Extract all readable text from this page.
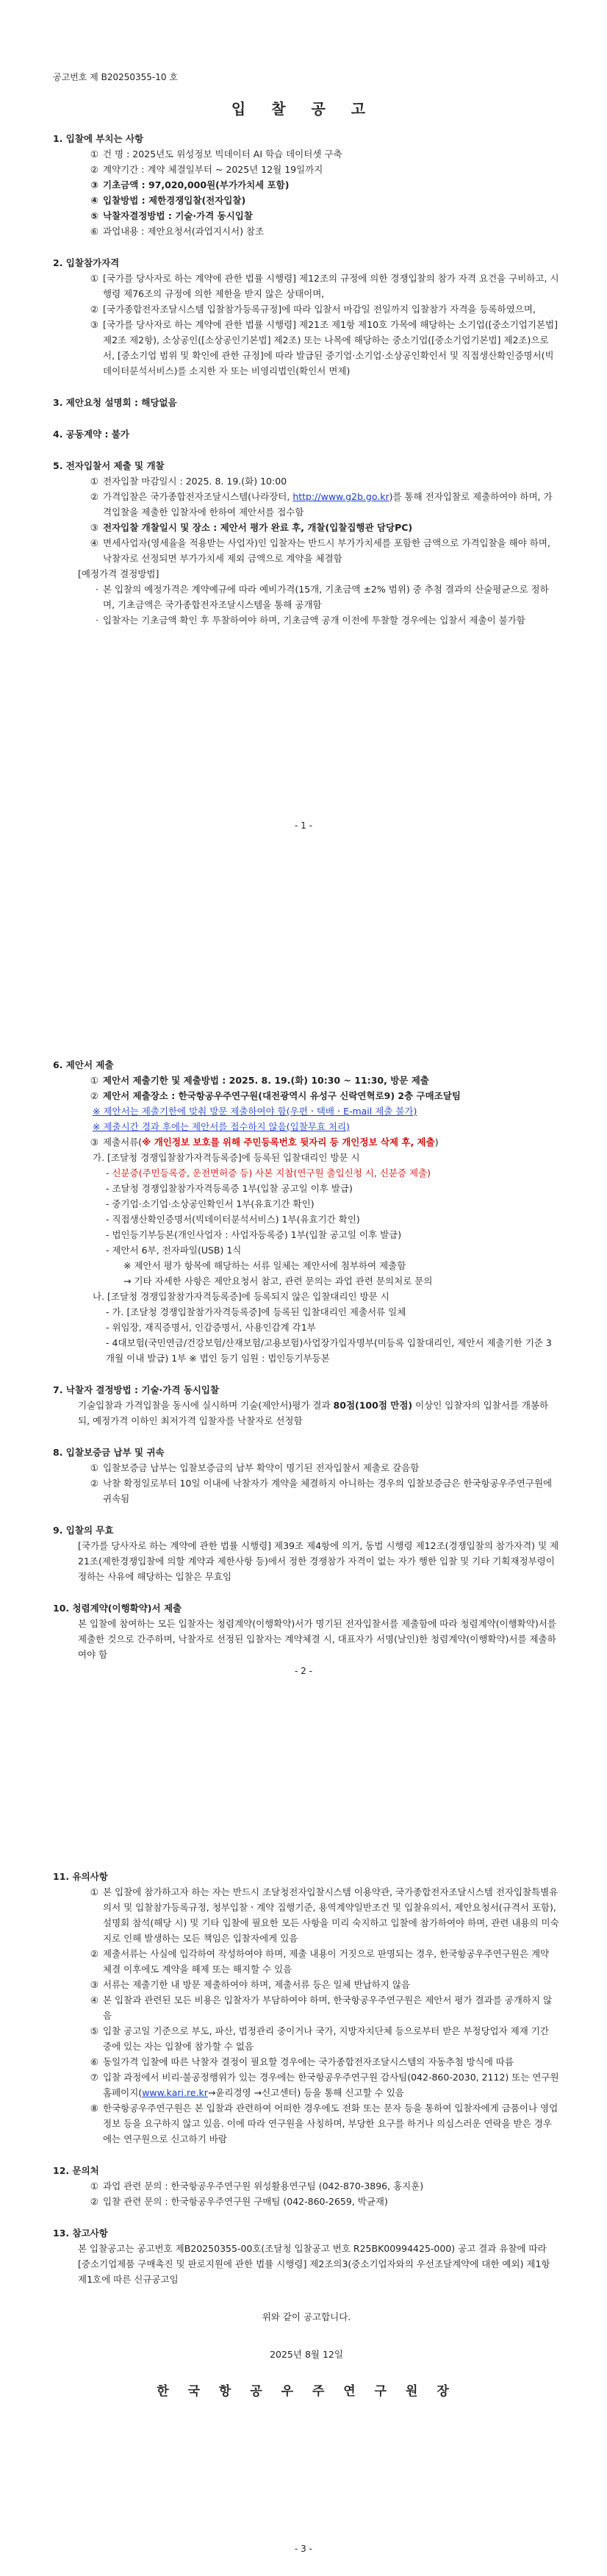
공고번호 제 B20250355-10 호
입 찰 공 고
1. 입찰에 부치는 사항
① 건 명 : 2025년도 위성정보 빅데이터 AI 학습 데이터셋 구축
② 계약기간 : 계약 체결일부터 ~ 2025년 12월 19일까지
③ 기초금액 : 97,020,000원(부가가치세 포함)
④ 입찰방법 : 제한경쟁입찰(전자입찰)
⑤ 낙찰자결정방법 : 기술·가격 동시입찰
⑥ 과업내용 : 제안요청서(과업지시서) 참조
2. 입찰참가자격
① [국가를 당사자로 하는 계약에 관한 법률 시행령] 제12조의 규정에 의한 경쟁입찰의 참가 자격 요건을 구비하고, 시행령 제76조의 규정에 의한 제한을 받지 않은 상태이며,
② [국가종합전자조달시스템 입찰참가등록규정]에 따라 입찰서 마감일 전일까지 입찰참가 자격을 등록하였으며,
③ [국가를 당사자로 하는 계약에 관한 법률 시행령] 제21조 제1항 제10호 가목에 해당하는 소기업([중소기업기본법] 제2조 제2항), 소상공인([소상공인기본법] 제2조) 또는 나목에 해당하는 중소기업([중소기업기본법] 제2조)으로서, [중소기업 범위 및 확인에 관한 규정]에 따라 발급된 중기업·소기업·소상공인확인서 및 직접생산확인증명서(빅데이터분석서비스)를 소지한 자 또는 비영리법인(확인서 면제)
3. 제안요청 설명회 : 해당없음
4. 공동계약 : 불가
5. 전자입찰서 제출 및 개찰
① 전자입찰 마감일시 : 2025. 8. 19.(화) 10:00
② 가격입찰은 국가종합전자조달시스템(나라장터, http://www.g2b.go.kr)를 통해 전자입찰로 제출하여야 하며, 가격입찰을 제출한 입찰자에 한하여 제안서를 접수함
③ 전자입찰 개찰일시 및 장소 : 제안서 평가 완료 후, 개찰(입찰집행관 담당PC)
④ 면세사업자(영세율을 적용받는 사업자)인 입찰자는 반드시 부가가치세를 포함한 금액으로 가격입찰을 해야 하며, 낙찰자로 선정되면 부가가치세 제외 금액으로 계약을 체결함
[예정가격 결정방법]
· 본 입찰의 예정가격은 계약예규에 따라 예비가격(15개, 기초금액 ±2% 범위) 중 추첨 결과의 산술평균으로 정하며, 기초금액은 국가종합전자조달시스템을 통해 공개함
· 입찰자는 기초금액 확인 후 투찰하여야 하며, 기초금액 공개 이전에 투찰할 경우에는 입찰서 제출이 불가함
- 1 -
6. 제안서 제출
① 제안서 제출기한 및 제출방법 : 2025. 8. 19.(화) 10:30 ~ 11:30, 방문 제출
② 제안서 제출장소 : 한국항공우주연구원(대전광역시 유성구 신락연혁로9) 2층 구매조달팀
※ 제안서는 제출기한에 맞춰 방문 제출하여야 함(우편ㆍ택배ㆍE-mail 제출 불가)
※ 제출시간 경과 후에는 제안서를 접수하지 않음(입찰무효 처리)
③ 제출서류(※ 개인정보 보호를 위해 주민등록번호 뒷자리 등 개인정보 삭제 후, 제출)
가. [조달청 경쟁입찰참가자격등록증]에 등록된 입찰대리인 방문 시
- 신분증(주민등록증, 운전면허증 등) 사본 지참(연구원 출입신청 시, 신분증 제출)
- 조달청 경쟁입찰참가자격등록증 1부(입찰 공고일 이후 발급)
- 중기업·소기업·소상공인확인서 1부(유효기간 확인)
- 직접생산확인증명서(빅데이터분석서비스) 1부(유효기간 확인)
- 법인등기부등본(개인사업자 : 사업자등록증) 1부(입찰 공고일 이후 발급)
- 제안서 6부, 전자파일(USB) 1식
※ 제안서 평가 항목에 해당하는 서류 일체는 제안서에 첨부하여 제출함
→ 기타 자세한 사항은 제안요청서 참고, 관련 문의는 과업 관련 문의처로 문의
나. [조달청 경쟁입찰참가자격등록증]에 등록되지 않은 입찰대리인 방문 시
- 가. [조달청 경쟁입찰참가자격등록증]에 등록된 입찰대리인 제출서류 일체
- 위임장, 재직증명서, 인감증명서, 사용인감계 각1부
- 4대보험(국민연금/건강보험/산재보험/고용보험)사업장가입자명부(미등록 입찰대리인, 제안서 제출기한 기준 3개월 이내 발급) 1부 ※ 법인 등기 임원 : 법인등기부등본
7. 낙찰자 결정방법 : 기술·가격 동시입찰
기술입찰과 가격입찰을 동시에 실시하며 기술(제안서)평가 결과 80점(100점 만점) 이상인 입찰자의 입찰서를 개봉하되, 예정가격 이하인 최저가격 입찰자를 낙찰자로 선정함
8. 입찰보증금 납부 및 귀속
① 입찰보증금 납부는 입찰보증금의 납부 확약이 명기된 전자입찰서 제출로 갈음함
② 낙찰 확정일로부터 10일 이내에 낙찰자가 계약을 체결하지 아니하는 경우의 입찰보증금은 한국항공우주연구원에 귀속됨
9. 입찰의 무효
[국가를 당사자로 하는 계약에 관한 법률 시행령] 제39조 제4항에 의거, 동법 시행령 제12조(경쟁입찰의 참가자격) 및 제21조(제한경쟁입찰에 의할 계약과 제한사항 등)에서 정한 경쟁참가 자격이 없는 자가 행한 입찰 및 기타 기획재정부령이 정하는 사유에 해당하는 입찰은 무효임
10. 청렴계약(이행확약)서 제출
본 입찰에 참여하는 모든 입찰자는 청렴계약(이행확약)서가 명기된 전자입찰서를 제출함에 따라 청렴계약(이행확약)서를 제출한 것으로 간주하며, 낙찰자로 선정된 입찰자는 계약체결 시, 대표자가 서명(날인)한 청렴계약(이행확약)서를 제출하여야 함
- 2 -
11. 유의사항
① 본 입찰에 참가하고자 하는 자는 반드시 조달청전자입찰시스템 이용약관, 국가종합전자조달시스템 전자입찰특별유의서 및 입찰참가등록규정, 청부입찰ㆍ계약 집행기준, 용역계약일반조건 및 입찰유의서, 제안요청서(규격서 포함), 설명회 참석(해당 시) 및 기타 입찰에 필요한 모든 사항을 미리 숙지하고 입찰에 참가하여야 하며, 관련 내용의 미숙지로 인해 발생하는 모든 책임은 입찰자에게 있음
② 제출서류는 사실에 입각하여 작성하여야 하며, 제출 내용이 거짓으로 판명되는 경우, 한국항공우주연구원은 계약 체결 이후에도 계약을 해제 또는 해지할 수 있음
③ 서류는 제출기한 내 방문 제출하여야 하며, 제출서류 등은 일체 반납하지 않음
④ 본 입찰과 관련된 모든 비용은 입찰자가 부담하여야 하며, 한국항공우주연구원은 제안서 평가 결과를 공개하지 않음
⑤ 입찰 공고일 기준으로 부도, 파산, 법정관리 중이거나 국가, 지방자치단체 등으로부터 받은 부정당업자 제재 기간 중에 있는 자는 입찰에 참가할 수 없음
⑥ 동일가격 입찰에 따른 낙찰자 결정이 필요할 경우에는 국가종합전자조달시스템의 자동추첨 방식에 따름
⑦ 입찰 과정에서 비리·불공정행위가 있는 경우에는 한국항공우주연구원 감사팀(042-860-2030, 2112) 또는 연구원 홈페이지(www.kari.re.kr→윤리경영 →신고센터) 등을 통해 신고할 수 있음
⑧ 한국항공우주연구원은 본 입찰과 관련하여 어떠한 경우에도 전화 또는 문자 등을 통하여 입찰자에게 금품이나 영업 정보 등을 요구하지 않고 있음. 이에 따라 연구원을 사칭하며, 부당한 요구를 하거나 의심스러운 연락을 받은 경우에는 연구원으로 신고하기 바람
12. 문의처
① 과업 관련 문의 : 한국항공우주연구원 위성활용연구팀 (042-870-3896, 홍지훈)
② 입찰 관련 문의 : 한국항공우주연구원 구매팀 (042-860-2659, 박균재)
13. 참고사항
본 입찰공고는 공고번호 제B20250355-00호(조달청 입찰공고 번호 R25BK00994425-000) 공고 결과 유찰에 따라 [중소기업제품 구매촉진 및 판로지원에 관한 법률 시행령] 제2조의3(중소기업자와의 우선조달계약에 대한 예외) 제1항 제1호에 따른 신규공고임
위와 같이 공고합니다.
2025년 8월 12일
한 국 항 공 우 주 연 구 원 장
- 3 -
